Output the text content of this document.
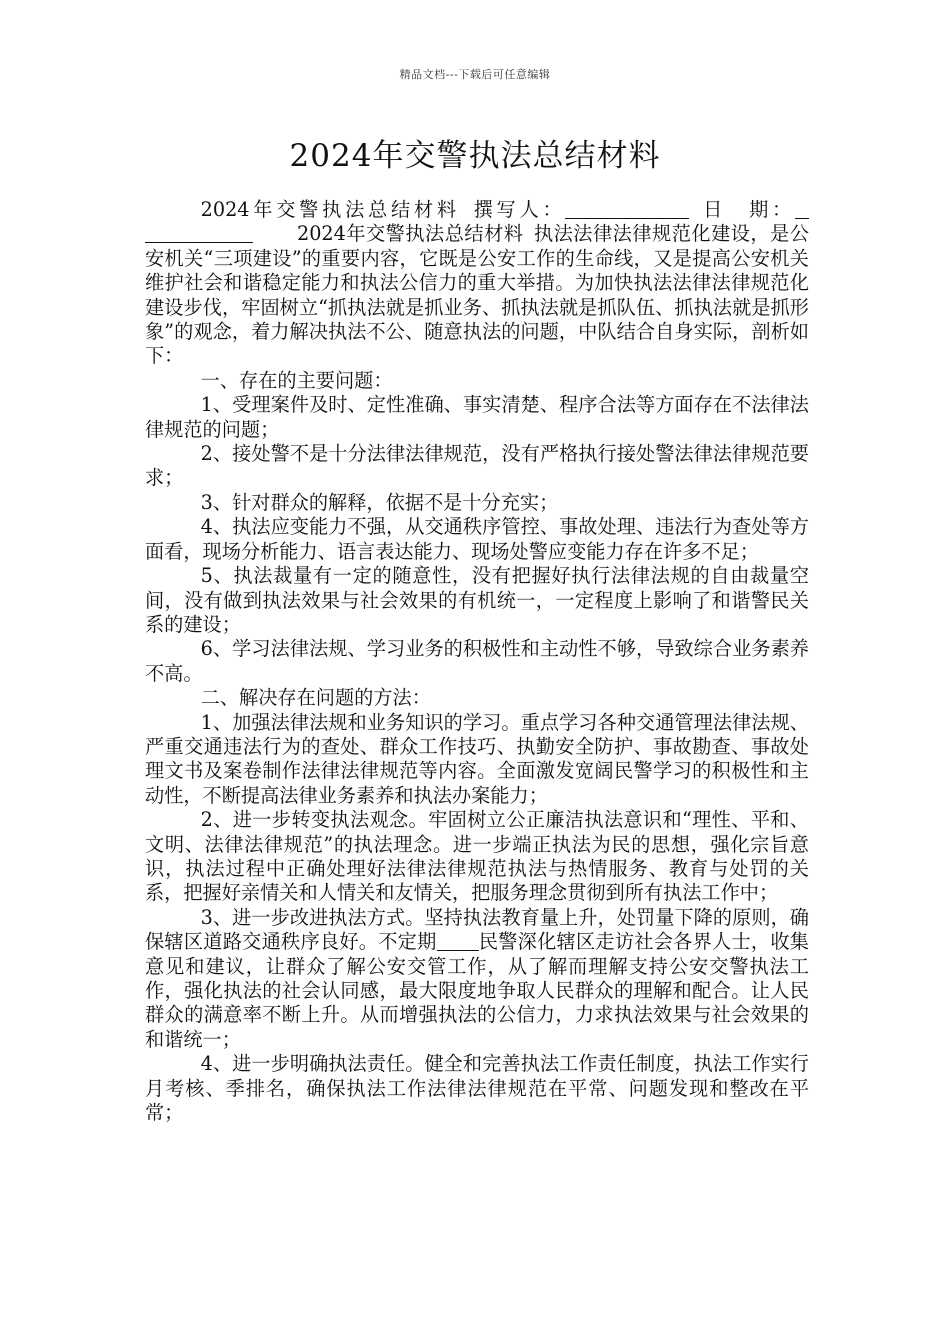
精品文档---下载后可任意编辑
2024年交警执法总结材料

2024年交警执法总结材料 撰写人：	日　期：2024年交警执法总结材料 执法法律法律规范化建设，是公安机关“三项建设”的重要内容，它既是公安工作的生命线，又是提高公安机关维护社会和谐稳定能力和执法公信力的重大举措。为加快执法法律法律规范化建设步伐，牢固树立“抓执法就是抓业务、抓执法就是抓队伍、抓执法就是抓形象”的观念，着力解决执法不公、随意执法的问题，中队结合自身实际，剖析如下：

一、存在的主要问题：

1、受理案件及时、定性准确、事实清楚、程序合法等方面存在不法律法律规范的问题；

2、接处警不是十分法律法律规范，没有严格执行接处警法律法律规范要求；

3、针对群众的解释，依据不是十分充实；

4、执法应变能力不强，从交通秩序管控、事故处理、违法行为查处等方面看，现场分析能力、语言表达能力、现场处警应变能力存在许多不足；

5、执法裁量有一定的随意性，没有把握好执行法律法规的自由裁量空间，没有做到执法效果与社会效果的有机统一，一定程度上影响了和谐警民关系的建设；

6、学习法律法规、学习业务的积极性和主动性不够，导致综合业务素养不高。

二、解决存在问题的方法：

1、加强法律法规和业务知识的学习。重点学习各种交通管理法律法规、严重交通违法行为的查处、群众工作技巧、执勤安全防护、事故勘查、事故处理文书及案卷制作法律法律规范等内容。全面激发宽阔民警学习的积极性和主动性，不断提高法律业务素养和执法办案能力；

2、进一步转变执法观念。牢固树立公正廉洁执法意识和“理性、平和、文明、法律法律规范”的执法理念。进一步端正执法为民的思想，强化宗旨意识，执法过程中正确处理好法律法律规范执法与热情服务、教育与处罚的关系，把握好亲情关和人情关和友情关，把服务理念贯彻到所有执法工作中；

3、进一步改进执法方式。坚持执法教育量上升，处罚量下降的原则，确保辖区道路交通秩序良好。不定期 民警深化辖区走访社会各界人士，收集意见和建议，让群众了解公安交管工作，从了解而理解支持公安交警执法工作，强化执法的社会认同感，最大限度地争取人民群众的理解和配合。让人民群众的满意率不断上升。从而增强执法的公信力，力求执法效果与社会效果的和谐统一；

4、进一步明确执法责任。健全和完善执法工作责任制度，执法工作实行月考核、季排名，确保执法工作法律法律规范在平常、问题发现和整改在平常；
